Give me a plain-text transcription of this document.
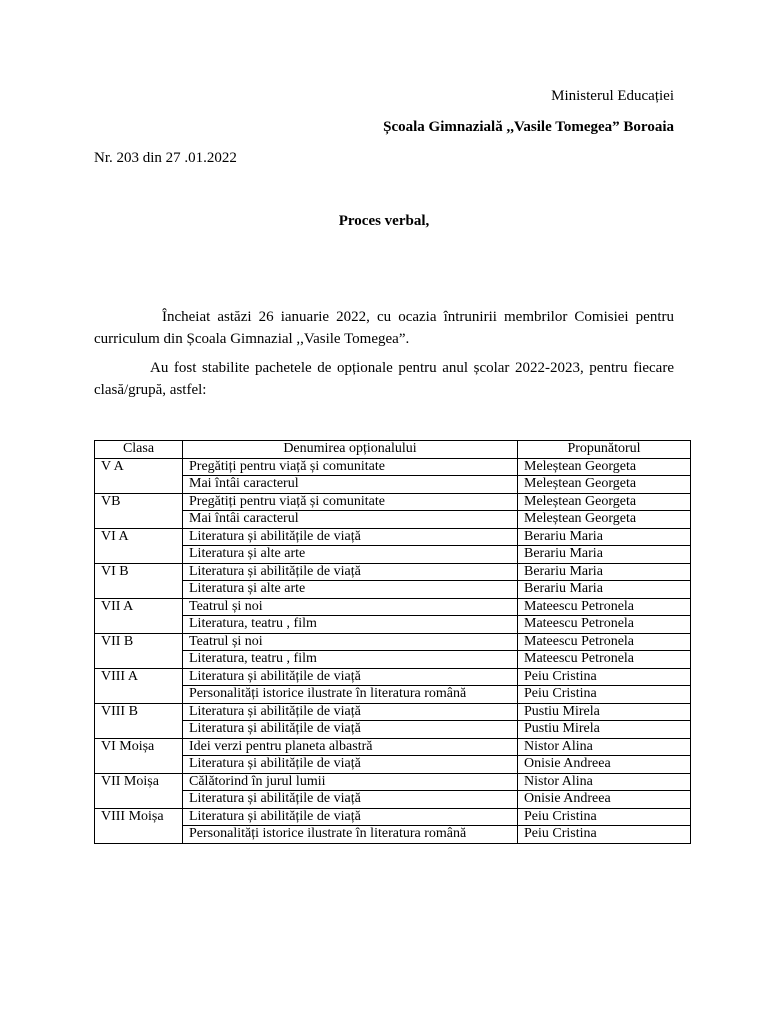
Ministerul Educației
Școala Gimnazială ,,Vasile Tomegea” Boroaia
Nr. 203 din 27 .01.2022
Proces verbal,
Încheiat astăzi 26 ianuarie 2022, cu ocazia întrunirii membrilor Comisiei pentru curriculum din Școala Gimnazial ,,Vasile Tomegea”.
Au fost stabilite pachetele de opționale pentru anul școlar 2022-2023, pentru fiecare clasă/grupă, astfel:
Clasa	Denumirea opționalului	Propunătorul
V A	Pregătiți pentru viață și comunitate	Meleștean Georgeta
	Mai întâi caracterul	Meleștean Georgeta
VB	Pregătiți pentru viață și comunitate	Meleștean Georgeta
	Mai întâi caracterul	Meleștean Georgeta
VI A	Literatura și abilitățile de viață	Berariu Maria
	Literatura și alte arte	Berariu Maria
VI B	Literatura și abilitățile de viață	Berariu Maria
	Literatura și alte arte	Berariu Maria
VII A	Teatrul și noi	Mateescu Petronela
	Literatura, teatru , film	Mateescu Petronela
VII B	Teatrul și noi	Mateescu Petronela
	Literatura, teatru , film	Mateescu Petronela
VIII A	Literatura și abilitățile de viață	Peiu Cristina
	Personalități istorice ilustrate în literatura română	Peiu Cristina
VIII B	Literatura și abilitățile de viață	Pustiu Mirela
	Literatura și abilitățile de viață	Pustiu Mirela
VI Moișa	Idei verzi pentru planeta albastră	Nistor Alina
	Literatura și abilitățile de viață	Onisie Andreea
VII Moișa	Călătorind în jurul lumii	Nistor Alina
	Literatura și abilitățile de viață	Onisie Andreea
VIII Moișa	Literatura și abilitățile de viață	Peiu Cristina
	Personalități istorice ilustrate în literatura română	Peiu Cristina
